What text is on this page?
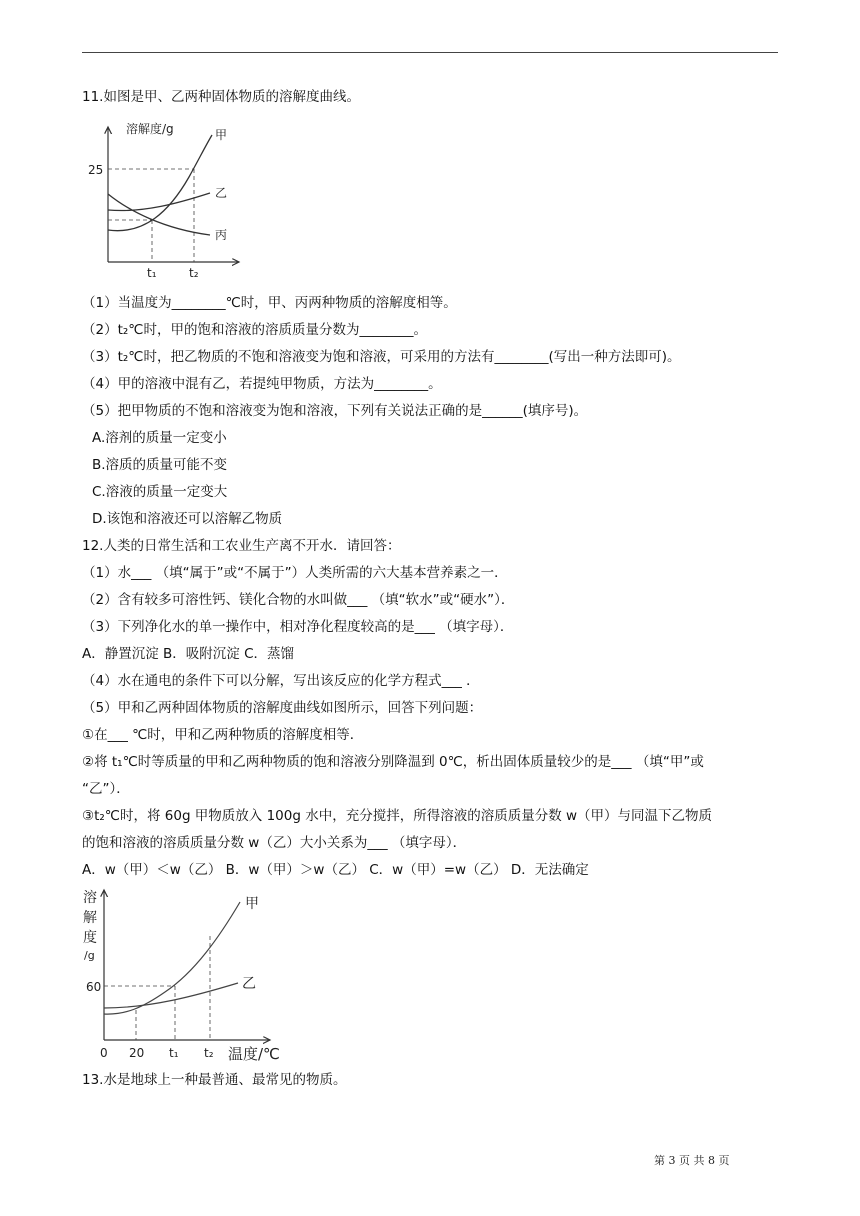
11.如图是甲、乙两种固体物质的溶解度曲线。
溶解度/g
25
甲
乙
丙
t₁	t₂
（1）当温度为________℃时，甲、丙两种物质的溶解度相等。
（2）t₂℃时，甲的饱和溶液的溶质质量分数为________。
（3）t₂℃时，把乙物质的不饱和溶液变为饱和溶液，可采用的方法有________(写出一种方法即可)。
（4）甲的溶液中混有乙，若提纯甲物质，方法为________。
（5）把甲物质的不饱和溶液变为饱和溶液，下列有关说法正确的是______(填序号)。
A.溶剂的质量一定变小
B.溶质的质量可能不变
C.溶液的质量一定变大
D.该饱和溶液还可以溶解乙物质
12.人类的日常生活和工农业生产离不开水．请回答：
（1）水___ （填“属于”或“不属于”）人类所需的六大基本营养素之一．
（2）含有较多可溶性钙、镁化合物的水叫做___ （填“软水”或“硬水”）．
（3）下列净化水的单一操作中，相对净化程度较高的是___ （填字母）．
A．静置沉淀 B．吸附沉淀 C．蒸馏
（4）水在通电的条件下可以分解，写出该反应的化学方程式___ ．
（5）甲和乙两种固体物质的溶解度曲线如图所示，回答下列问题：
①在___ ℃时，甲和乙两种物质的溶解度相等．
②将 t₁℃时等质量的甲和乙两种物质的饱和溶液分别降温到 0℃，析出固体质量较少的是___ （填“甲”或
“乙”）．
③t₂℃时，将 60g 甲物质放入 100g 水中，充分搅拌，所得溶液的溶质质量分数 w（甲）与同温下乙物质
的饱和溶液的溶质质量分数 w（乙）大小关系为___ （填字母）．
A．w（甲）＜w（乙） B．w（甲）＞w（乙） C．w（甲）=w（乙） D．无法确定
溶
解
度
/g
60
甲
乙
0 20 t₁ t₂ 温度/℃
13.水是地球上一种最普通、最常见的物质。
第 3 页 共 8 页
